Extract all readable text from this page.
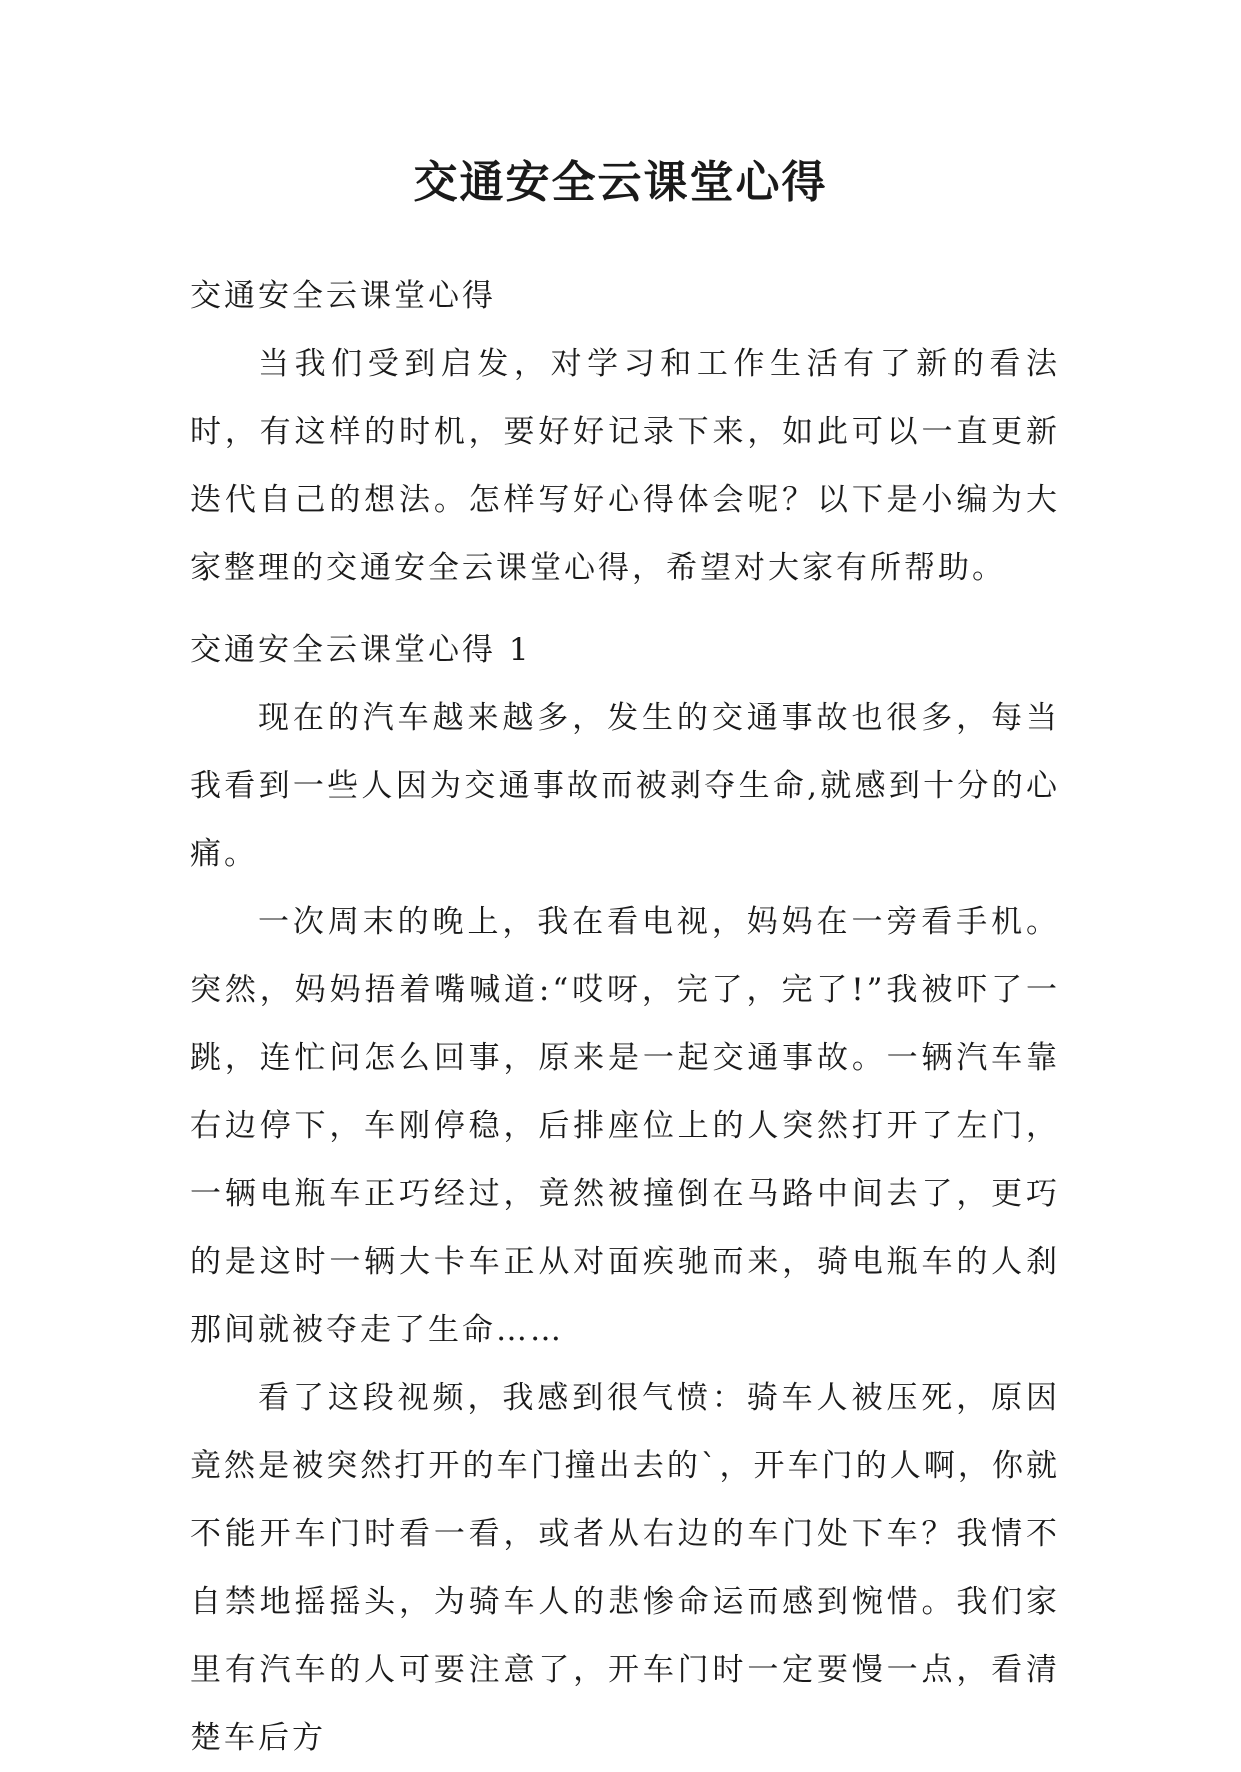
交通安全云课堂心得

交通安全云课堂心得

当我们受到启发，对学习和工作生活有了新的看法时，有这样的时机，要好好记录下来，如此可以一直更新迭代自己的想法。怎样写好心得体会呢？以下是小编为大家整理的交通安全云课堂心得，希望对大家有所帮助。

交通安全云课堂心得 1

现在的汽车越来越多，发生的交通事故也很多，每当我看到一些人因为交通事故而被剥夺生命,就感到十分的心痛。

一次周末的晚上，我在看电视，妈妈在一旁看手机。突然，妈妈捂着嘴喊道:“哎呀，完了，完了!”我被吓了一跳，连忙问怎么回事，原来是一起交通事故。一辆汽车靠右边停下，车刚停稳，后排座位上的人突然打开了左门，一辆电瓶车正巧经过，竟然被撞倒在马路中间去了，更巧的是这时一辆大卡车正从对面疾驰而来，骑电瓶车的人刹那间就被夺走了生命……

看了这段视频，我感到很气愤：骑车人被压死，原因竟然是被突然打开的车门撞出去的`，开车门的人啊，你就不能开车门时看一看，或者从右边的车门处下车？我情不自禁地摇摇头，为骑车人的悲惨命运而感到惋惜。我们家里有汽车的人可要注意了，开车门时一定要慢一点，看清楚车后方
